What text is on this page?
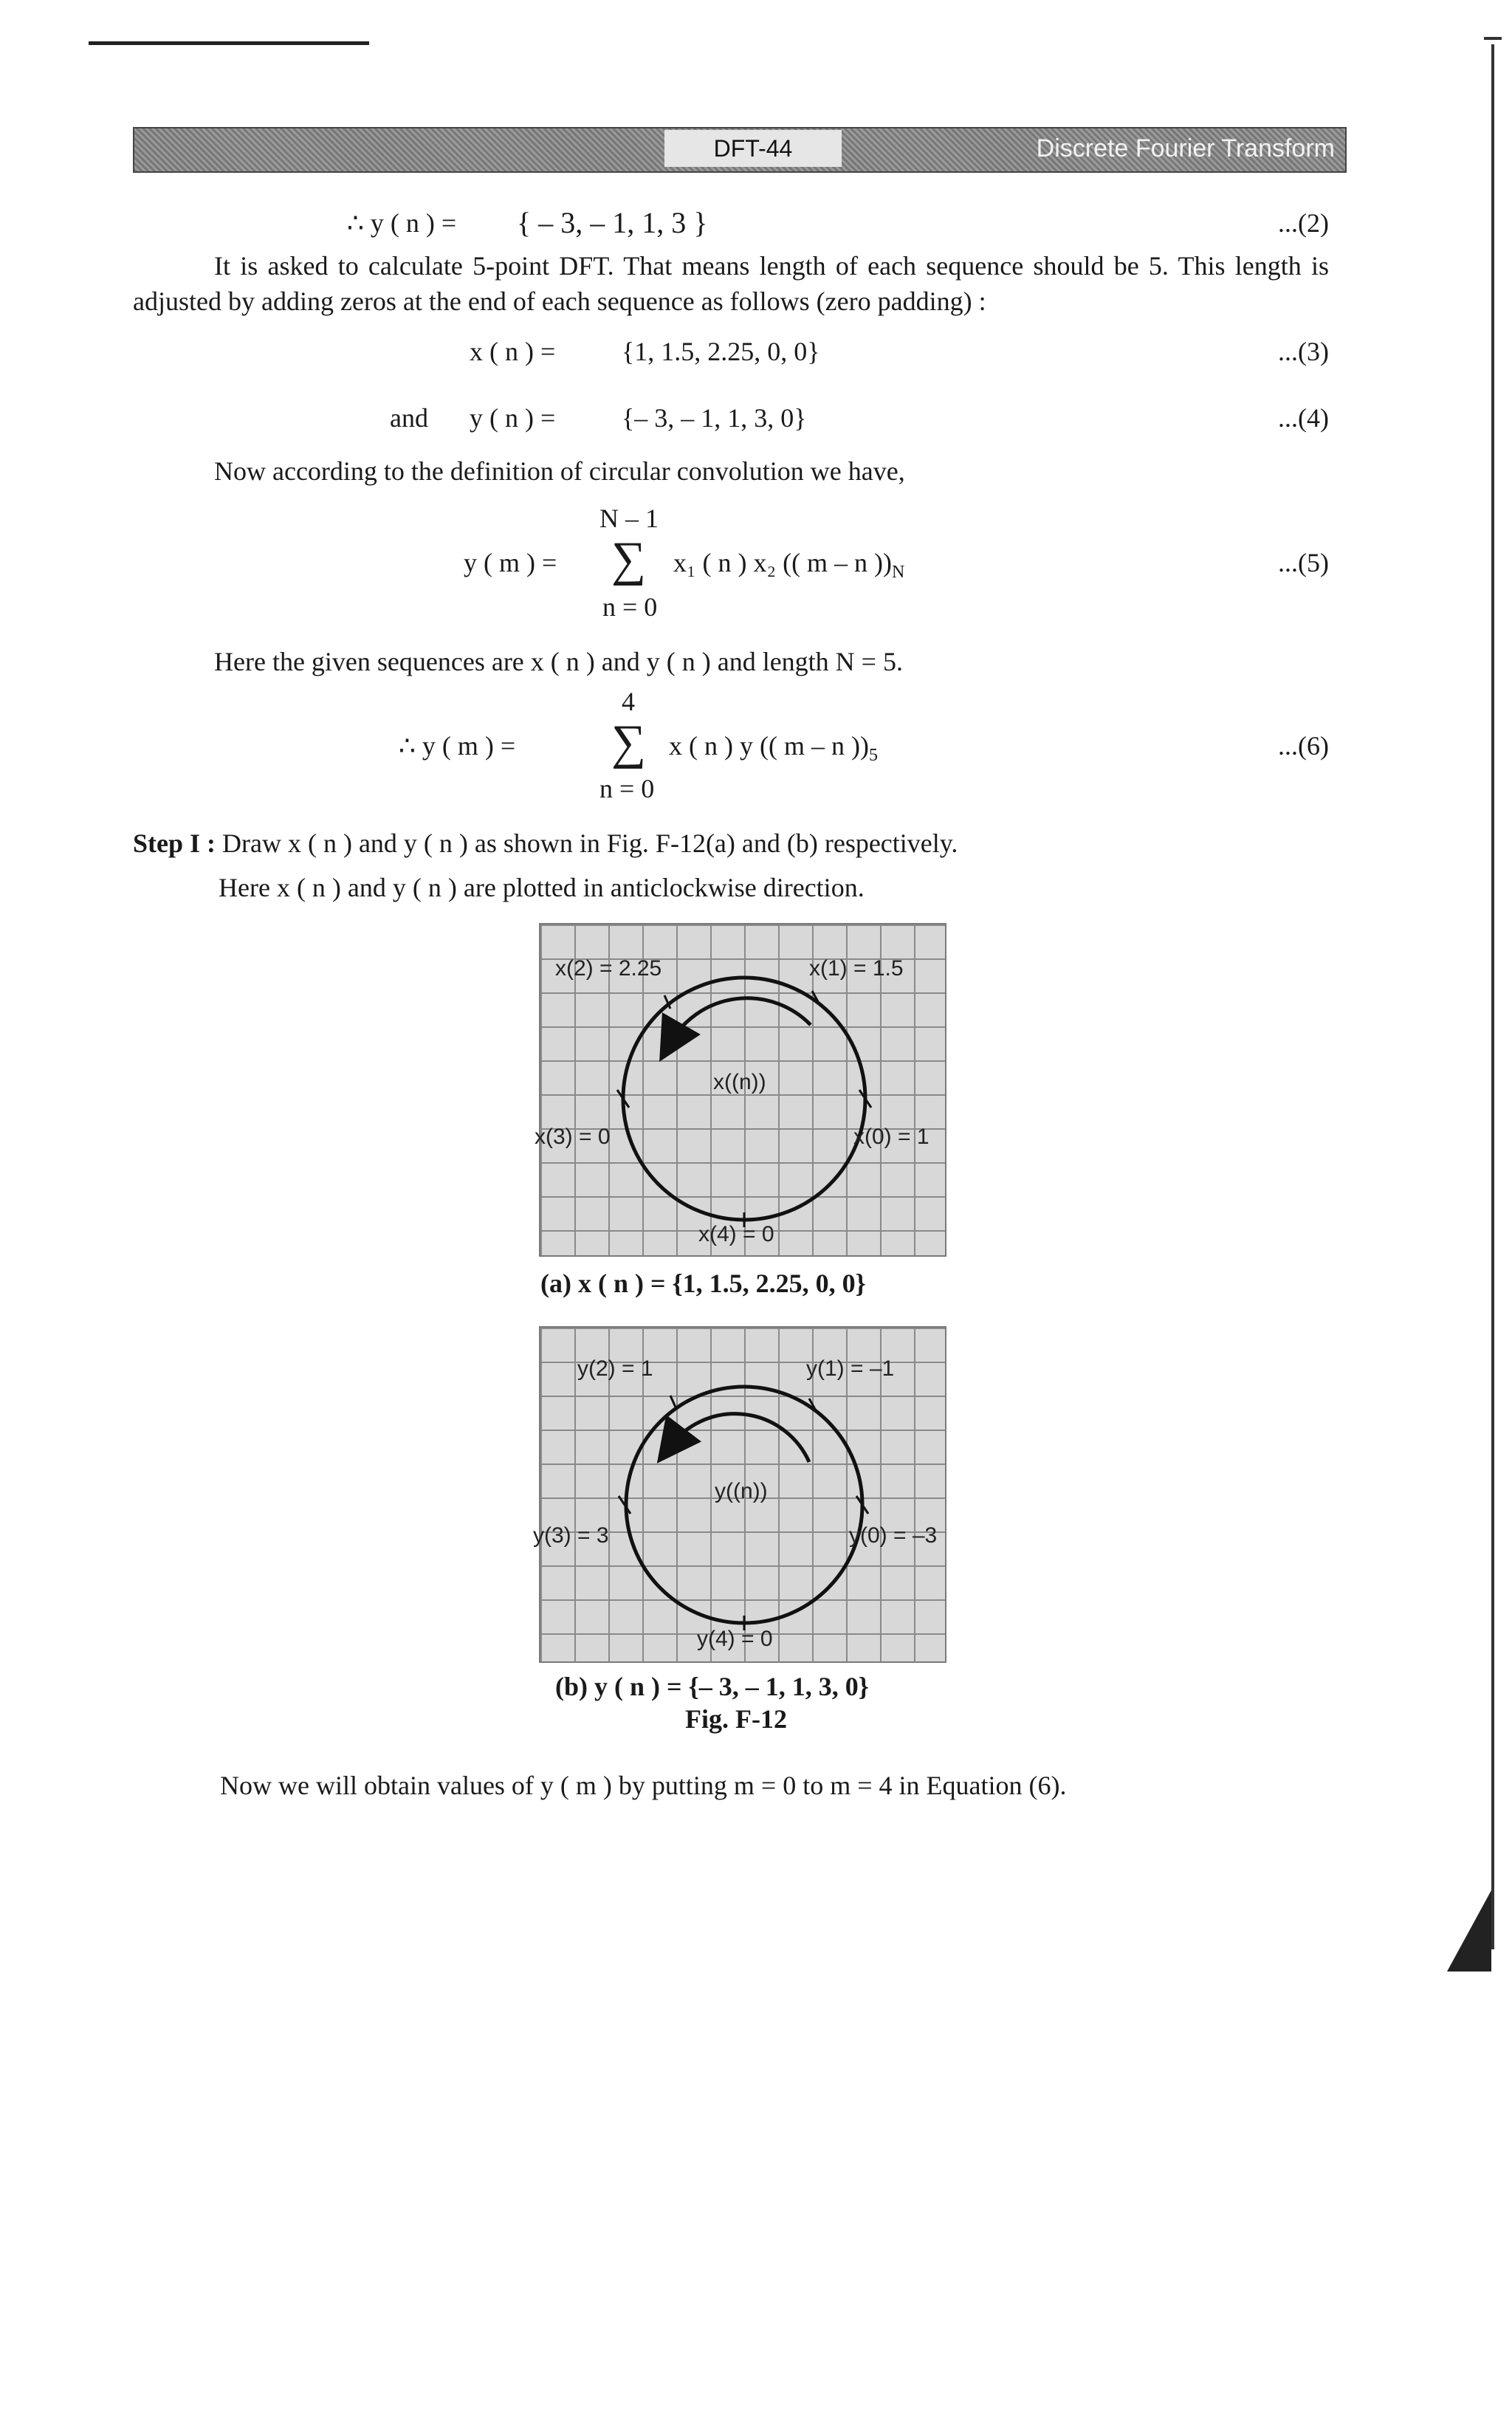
DFT-44	Discrete Fourier Transform
∴ y ( n ) = { – 3, – 1, 1, 3 }	...(2)
It is asked to calculate 5-point DFT. That means length of each sequence should be 5. This length is adjusted by adding zeros at the end of each sequence as follows (zero padding) :
x ( n ) = {1, 1.5, 2.25, 0, 0}	...(3)
and y ( n ) = {– 3, – 1, 1, 3, 0}	...(4)
Now according to the definition of circular convolution we have,
N – 1
y ( m ) = ∑ x₁ ( n ) x₂ (( m – n ))$_N$	...(5)
n = 0
Here the given sequences are x ( n ) and y ( n ) and length N = 5.
4
∴ y ( m ) = ∑ x ( n ) y (( m – n ))$_5$	...(6)
n = 0
Step I : Draw x ( n ) and y ( n ) as shown in Fig. F-12(a) and (b) respectively.
Here x ( n ) and y ( n ) are plotted in anticlockwise direction.
x(2) = 2.25	x(1) = 1.5
x((n))
x(3) = 0	x(0) = 1
x(4) = 0
(a) x ( n ) = {1, 1.5, 2.25, 0, 0}
y(2) = 1	y(1) = –1
y((n))
y(3) = 3	y(0) = –3
y(4) = 0
(b) y ( n ) = {– 3, – 1, 1, 3, 0}
Fig. F-12
Now we will obtain values of y ( m ) by putting m = 0 to m = 4 in Equation (6).
